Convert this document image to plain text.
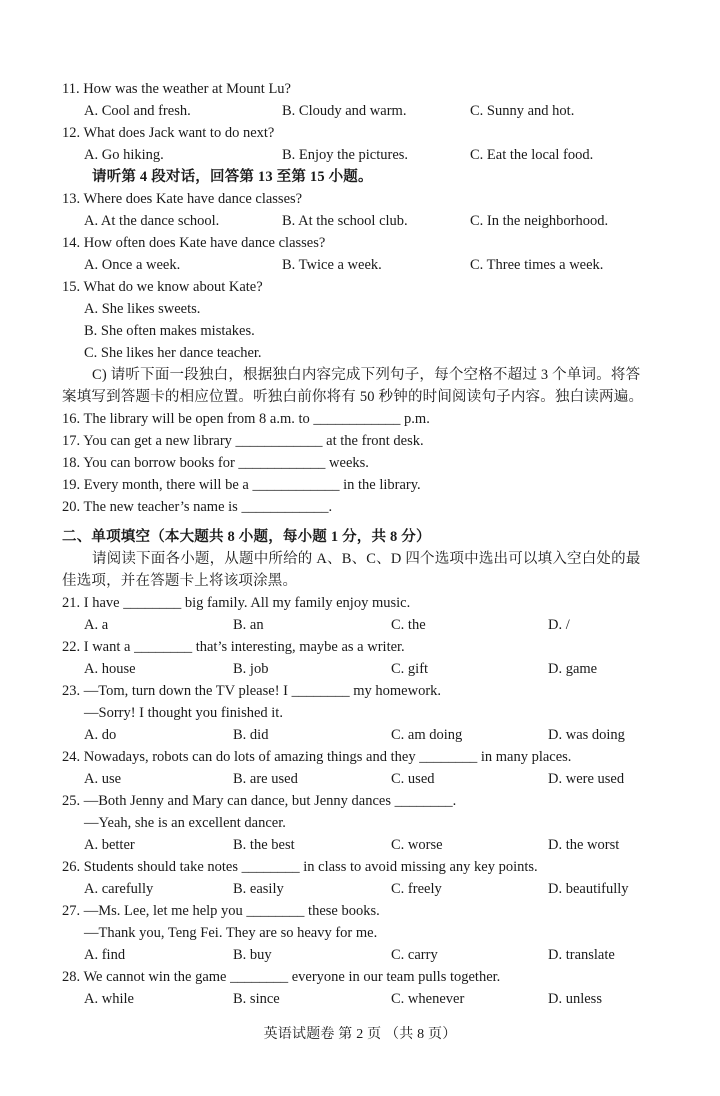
11. How was the weather at Mount Lu?
A. Cool and fresh.	B. Cloudy and warm.	C. Sunny and hot.
12. What does Jack want to do next?
A. Go hiking.	B. Enjoy the pictures.	C. Eat the local food.
请听第 4 段对话，回答第 13 至第 15 小题。
13. Where does Kate have dance classes?
A. At the dance school.	B. At the school club.	C. In the neighborhood.
14. How often does Kate have dance classes?
A. Once a week.	B. Twice a week.	C. Three times a week.
15. What do we know about Kate?
A. She likes sweets.
B. She often makes mistakes.
C. She likes her dance teacher.
C) 请听下面一段独白，根据独白内容完成下列句子，每个空格不超过 3 个单词。将答
案填写到答题卡的相应位置。听独白前你将有 50 秒钟的时间阅读句子内容。独白读两遍。
16. The library will be open from 8 a.m. to ____________ p.m.
17. You can get a new library ____________ at the front desk.
18. You can borrow books for ____________ weeks.
19. Every month, there will be a ____________ in the library.
20. The new teacher’s name is ____________.
二、单项填空（本大题共 8 小题，每小题 1 分，共 8 分）
请阅读下面各小题，从题中所给的 A、B、C、D 四个选项中选出可以填入空白处的最
佳选项，并在答题卡上将该项涂黑。
21. I have ________ big family. All my family enjoy music.
A. a	B. an	C. the	D. /
22. I want a ________ that’s interesting, maybe as a writer.
A. house	B. job	C. gift	D. game
23. —Tom, turn down the TV please! I ________ my homework.
—Sorry! I thought you finished it.
A. do	B. did	C. am doing	D. was doing
24. Nowadays, robots can do lots of amazing things and they ________ in many places.
A. use	B. are used	C. used	D. were used
25. —Both Jenny and Mary can dance, but Jenny dances ________.
—Yeah, she is an excellent dancer.
A. better	B. the best	C. worse	D. the worst
26. Students should take notes ________ in class to avoid missing any key points.
A. carefully	B. easily	C. freely	D. beautifully
27. —Ms. Lee, let me help you ________ these books.
—Thank you, Teng Fei. They are so heavy for me.
A. find	B. buy	C. carry	D. translate
28. We cannot win the game ________ everyone in our team pulls together.
A. while	B. since	C. whenever	D. unless
英语试题卷 第 2 页 （共 8 页）
